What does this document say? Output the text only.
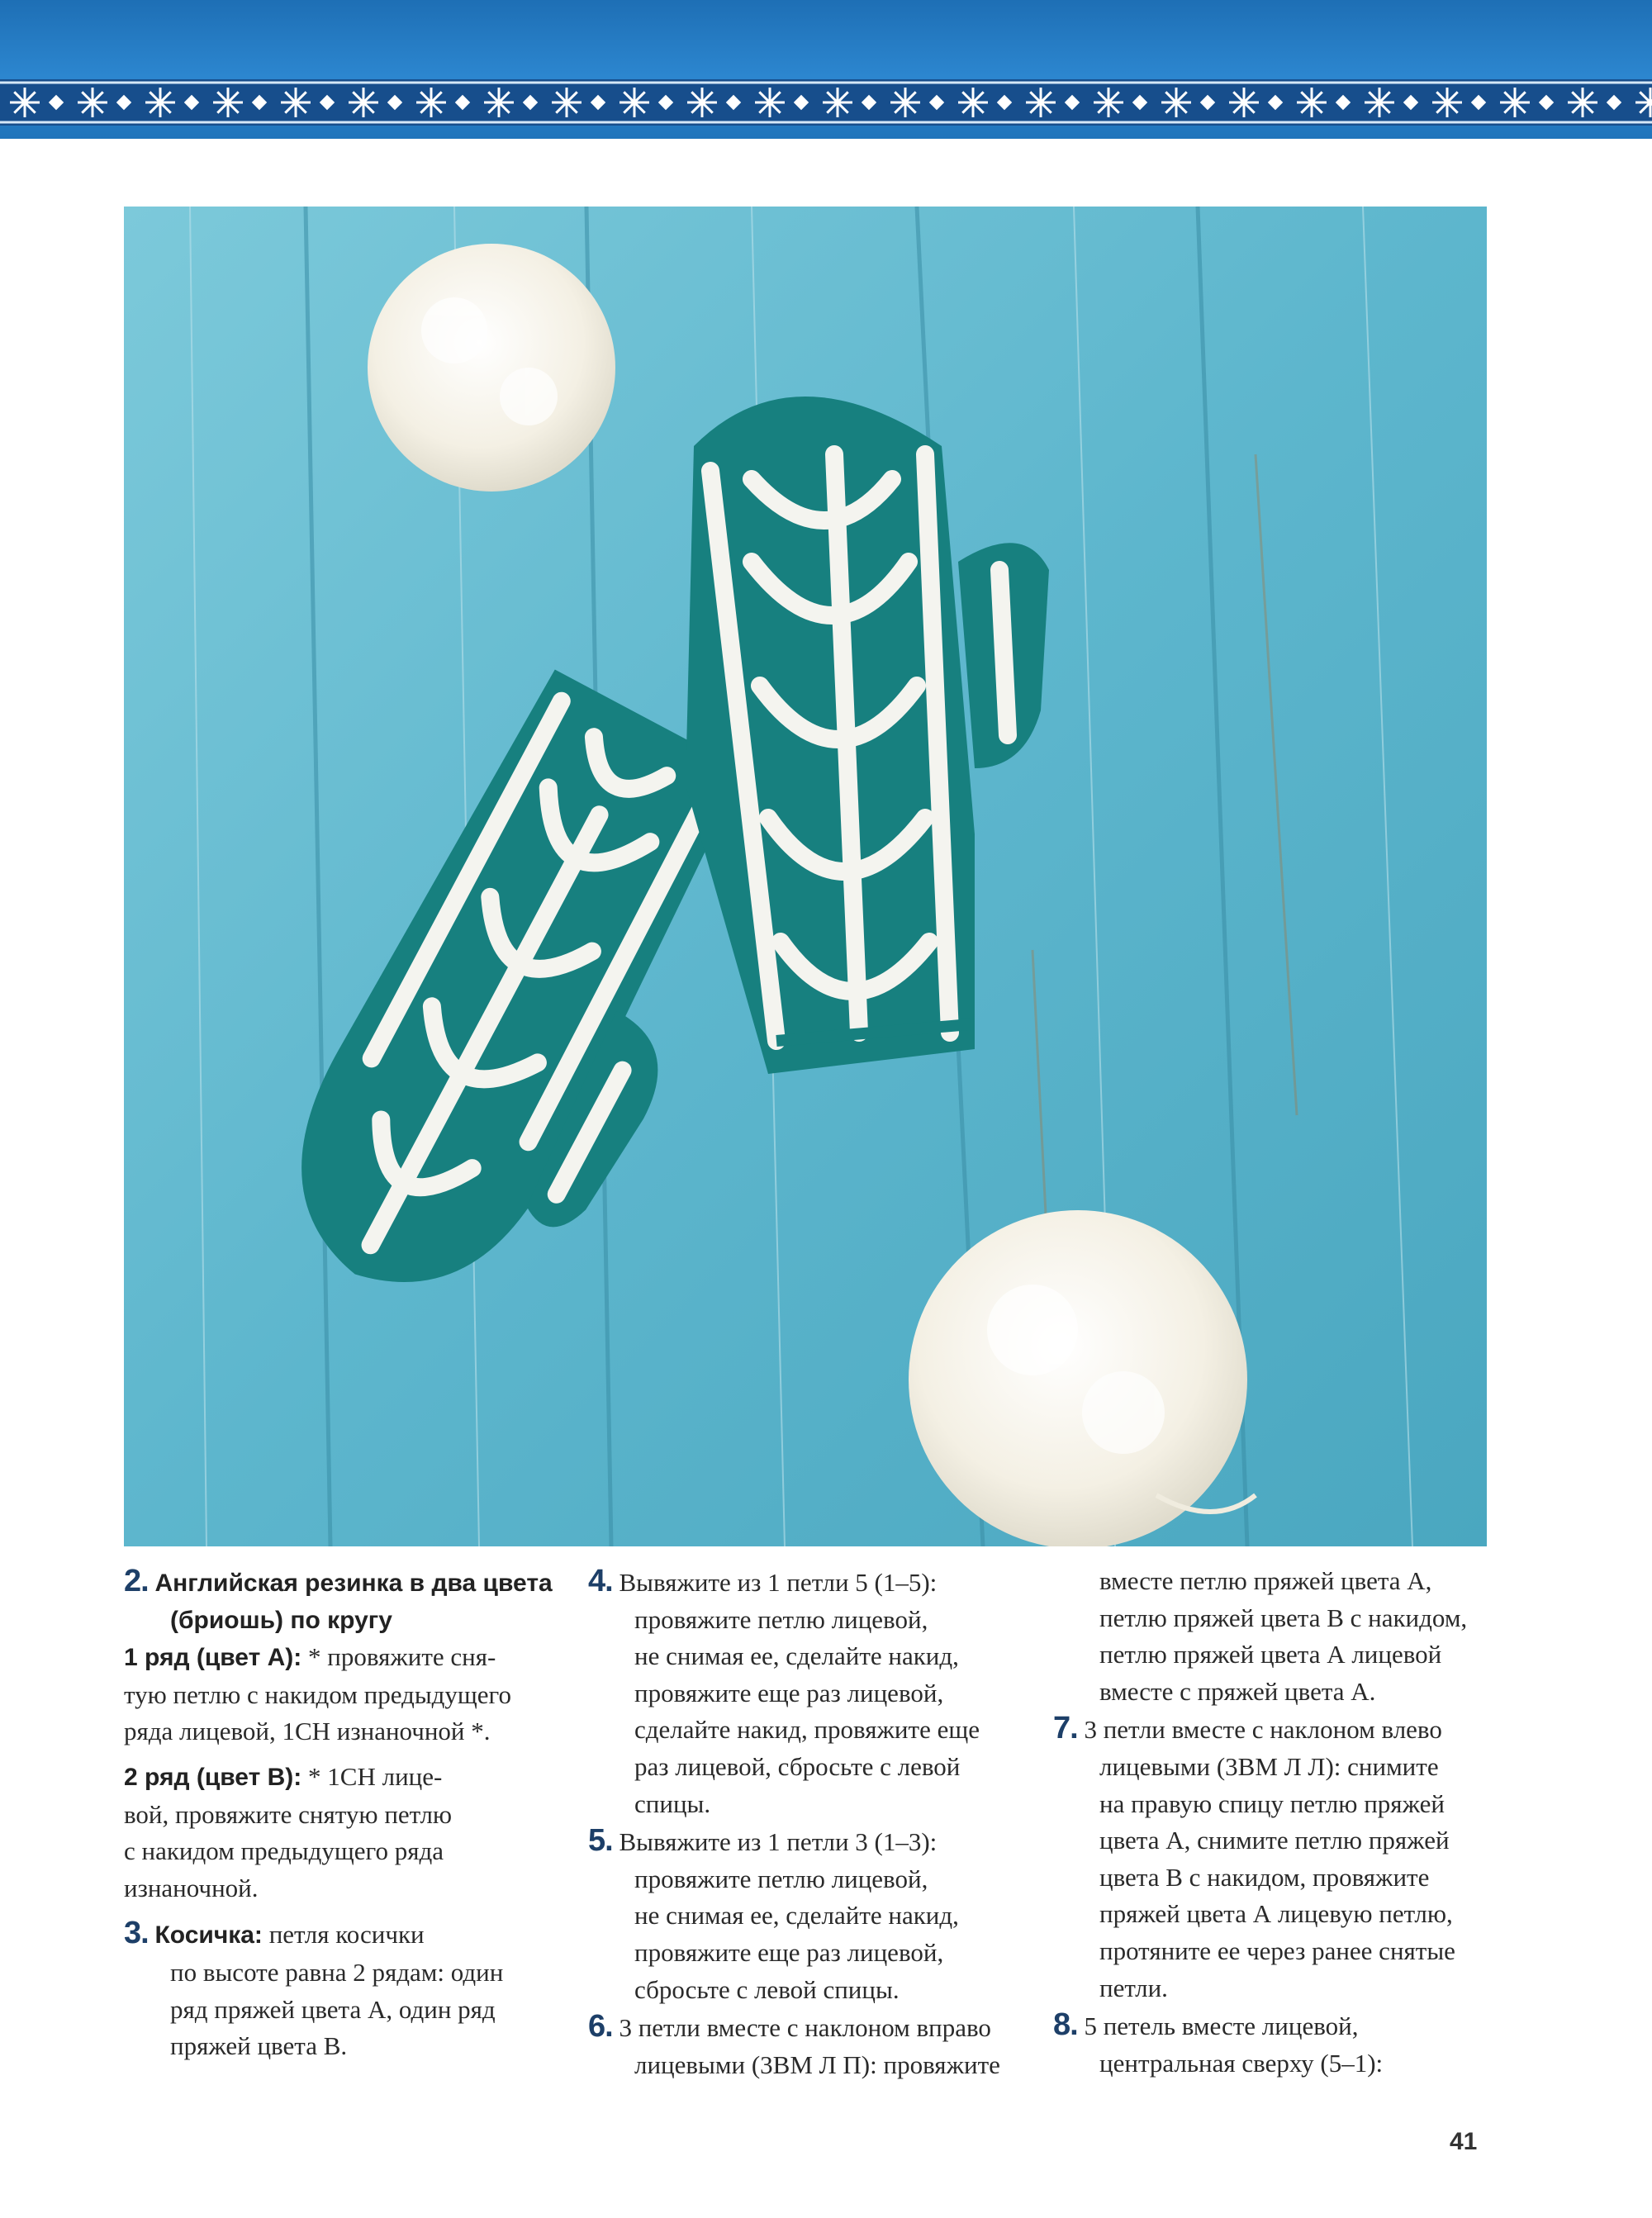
2. Английская резинка в два цвета

(бриошь) по кругу

1 ряд (цвет А): * провяжите сня-

тую петлю с накидом предыдущего

ряда лицевой, 1СН изнаночной *.

2 ряд (цвет В): * 1СН лице-

вой, провяжите снятую петлю

с накидом предыдущего ряда

изнаночной.

3. Косичка: петля косички

по высоте равна 2 рядам: один

ряд пряжей цвета А, один ряд

пряжей цвета В.

4. Вывяжите из 1 петли 5 (1–5):

провяжите петлю лицевой,

не снимая ее, сделайте накид,

провяжите еще раз лицевой,

сделайте накид, провяжите еще

раз лицевой, сбросьте с левой

спицы.

5. Вывяжите из 1 петли 3 (1–3):

провяжите петлю лицевой,

не снимая ее, сделайте накид,

провяжите еще раз лицевой,

сбросьте с левой спицы.

6. 3 петли вместе с наклоном вправо

лицевыми (3ВМ Л П): провяжите

вместе петлю пряжей цвета А,

петлю пряжей цвета В с накидом,

петлю пряжей цвета А лицевой

вместе с пряжей цвета А.

7. 3 петли вместе с наклоном влево

лицевыми (3ВМ Л Л): снимите

на правую спицу петлю пряжей

цвета А, снимите петлю пряжей

цвета В с накидом, провяжите

пряжей цвета А лицевую петлю,

протяните ее через ранее снятые

петли.

8. 5 петель вместе лицевой,

центральная сверху (5–1):

41
